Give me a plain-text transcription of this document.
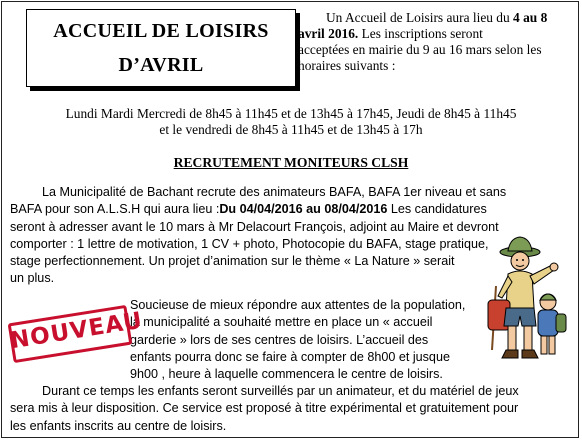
ACCUEIL DE LOISIRS
D’AVRIL
Un Accueil de Loisirs aura lieu du 4 au 8
avril 2016. Les inscriptions seront
acceptées en mairie du 9 au 16 mars selon les
horaires suivants :
Lundi Mardi Mercredi de 8h45 à 11h45 et de 13h45 à 17h45, Jeudi de 8h45 à 11h45
et le vendredi de 8h45 à 11h45 et de 13h45 à 17h
RECRUTEMENT MONITEURS CLSH
La Municipalité de Bachant recrute des animateurs BAFA, BAFA 1er niveau et sans
BAFA pour son A.L.S.H qui aura lieu :Du 04/04/2016 au 08/04/2016 Les candidatures
seront à adresser avant le 10 mars à Mr Delacourt François, adjoint au Maire et devront
comporter : 1 lettre de motivation, 1 CV + photo, Photocopie du BAFA, stage pratique,
stage perfectionnement. Un projet d’animation sur le thème « La Nature » serait
un plus.
Soucieuse de mieux répondre aux attentes de la population,
la municipalité a souhaité mettre en place un « accueil
garderie » lors de ses centres de loisirs. L’accueil des
enfants pourra donc se faire à compter de 8h00 et jusque
9h00 , heure à laquelle commencera le centre de loisirs.
Durant ce temps les enfants seront surveillés par un animateur, et du matériel de jeux
sera mis à leur disposition. Ce service est proposé à titre expérimental et gratuitement pour
les enfants inscrits au centre de loisirs.
NOUVEAU
